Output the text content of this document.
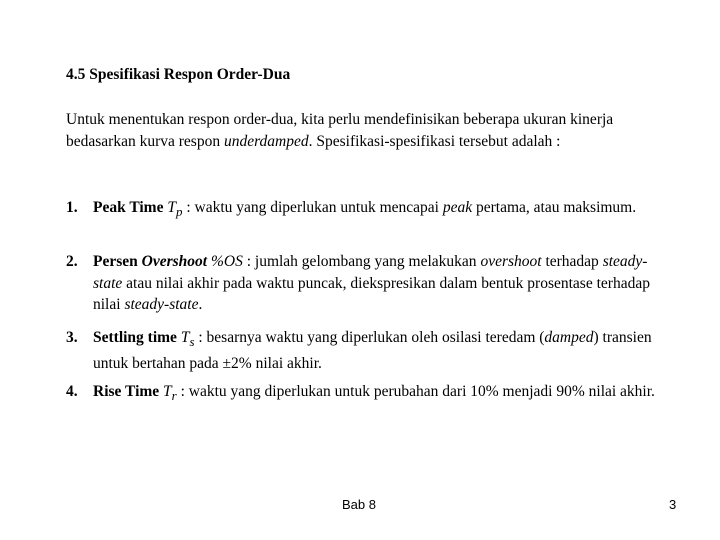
4.5 Spesifikasi Respon Order-Dua
Untuk menentukan respon order-dua, kita perlu mendefinisikan beberapa ukuran kinerja bedasarkan kurva respon underdamped. Spesifikasi-spesifikasi tersebut adalah :
1. Peak Time $T_p$ : waktu yang diperlukan untuk mencapai peak pertama, atau maksimum.
2. Persen Overshoot %OS : jumlah gelombang yang melakukan overshoot terhadap steady-state atau nilai akhir pada waktu puncak, diekspresikan dalam bentuk prosentase terhadap nilai steady-state.
3. Settling time $T_s$ : besarnya waktu yang diperlukan oleh osilasi teredam (damped) transien untuk bertahan pada ±2% nilai akhir.
4. Rise Time $T_r$ : waktu yang diperlukan untuk perubahan dari 10% menjadi 90% nilai akhir.
Bab 8	3
